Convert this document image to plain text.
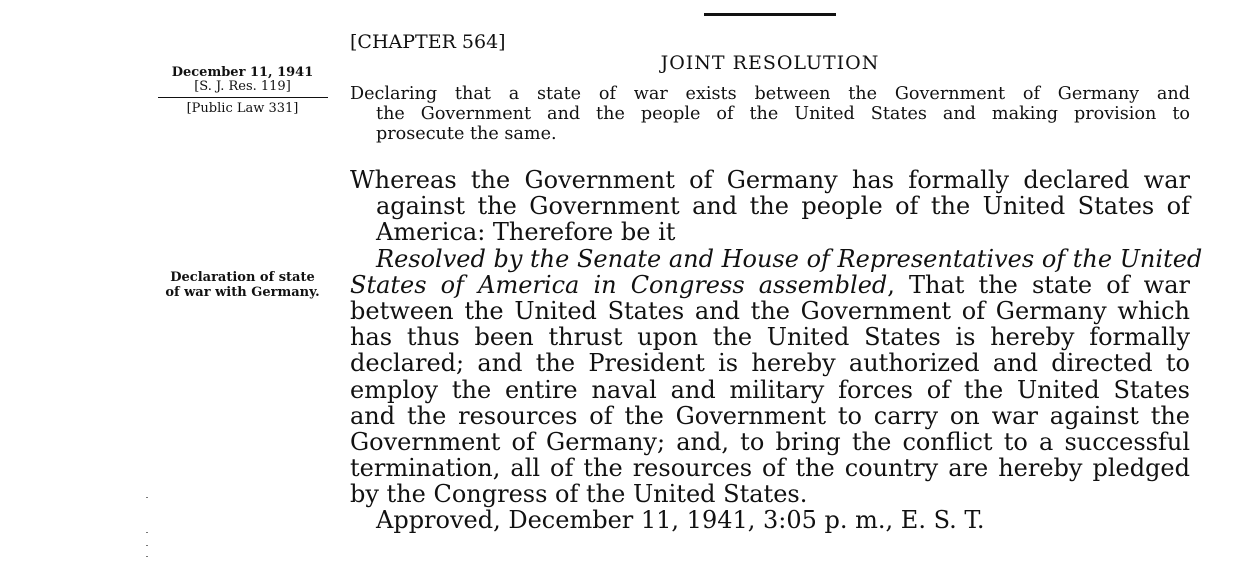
[CHAPTER 564]
JOINT RESOLUTION
December 11, 1941
[S. J. Res. 119]
[Public Law 331]
Declaration of state
of war with Germany.
Declaring that a state of war exists between the Government of Germany and
the Government and the people of the United States and making provision to
prosecute the same.
Whereas the Government of Germany has formally declared war
against the Government and the people of the United States of
America: Therefore be it
Resolved by the Senate and House of Representatives of the United
States of America in Congress assembled, That the state of war
between the United States and the Government of Germany which
has thus been thrust upon the United States is hereby formally
declared; and the President is hereby authorized and directed to
employ the entire naval and military forces of the United States
and the resources of the Government to carry on war against the
Government of Germany; and, to bring the conflict to a successful
termination, all of the resources of the country are hereby pledged
by the Congress of the United States.
Approved, December 11, 1941, 3:05 p. m., E. S. T.
